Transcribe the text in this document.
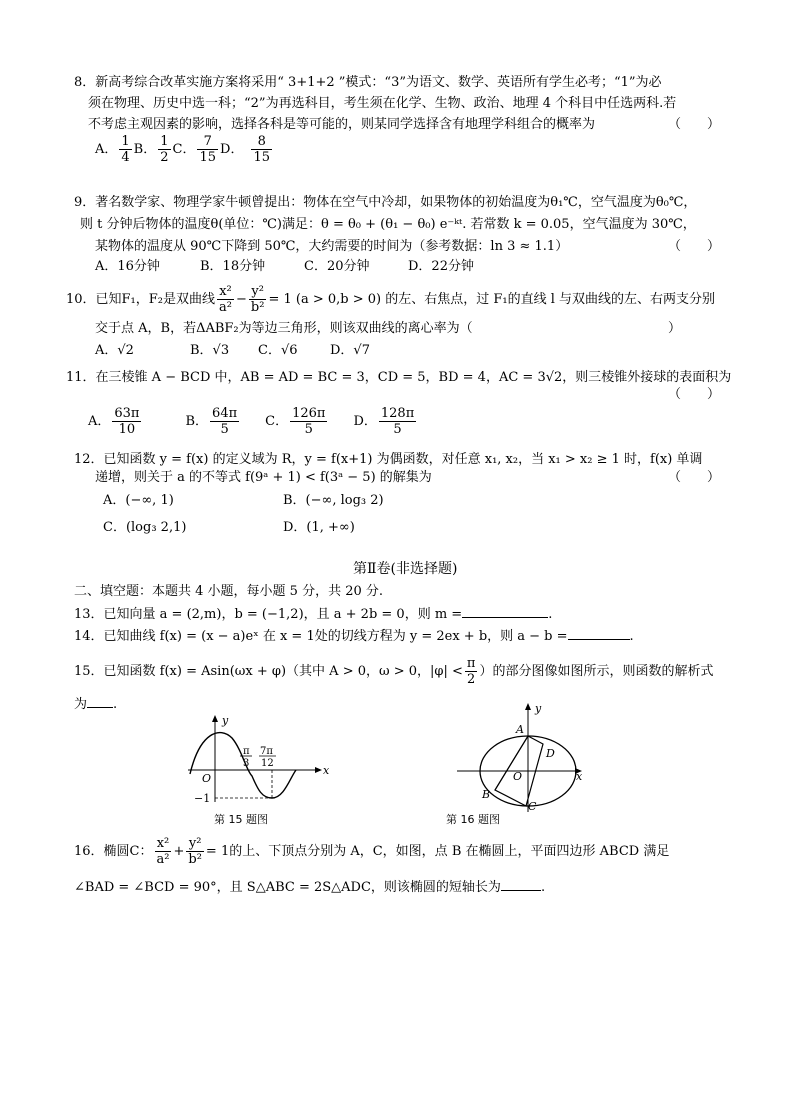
8．新高考综合改革实施方案将采用“ 3+1+2 ”模式：“3”为语文、数学、英语所有学生必考；“1”为必
须在物理、历史中选一科；“2”为再选科目，考生须在化学、生物、政治、地理 4 个科目中任选两科.若
不考虑主观因素的影响，选择各科是等可能的，则某同学选择含有地理学科组合的概率为	（　　）
A． $\frac{1}{4}$ B． $\frac{1}{2}$ C． $\frac{7}{15}$ D． $\frac{8}{15}$
9．著名数学家、物理学家牛顿曾提出：物体在空气中冷却，如果物体的初始温度为θ₁℃，空气温度为θ₀℃，
则 t 分钟后物体的温度θ(单位：℃)满足：θ = θ₀ + (θ₁ − θ₀) e⁻ᵏᵗ. 若常数 k = 0.05，空气温度为 30℃，
某物体的温度从 90℃下降到 50℃，大约需要的时间为（参考数据：ln 3 ≈ 1.1）	（　　）
A．16分钟	B．18分钟	C．20分钟	D．22分钟
10．已知F₁，F₂是双曲线 $\frac{\text{x²}}{\text{a²}} - \frac{\text{y²}}{\text{b²}} = 1$ (a > 0,b > 0) 的左、右焦点，过 F₁的直线 l 与双曲线的左、右两支分别
交于点 A，B，若ΔABF₂为等边三角形，则该双曲线的离心率为（	）
A．√2	B．√3 C．√6 D．√7
11．在三棱锥 A − BCD 中，AB = AD = BC = 3，CD = 5，BD = 4，AC = 3√2，则三棱锥外接球的表面积为
（　　）
A． $\frac{63\pi}{10}$	B． $\frac{64\pi}{5}$ C． $\frac{126\pi}{5}$ D． $\frac{128\pi}{5}$
12．已知函数 y = f(x) 的定义域为 R，y = f(x+1) 为偶函数，对任意 x₁, x₂，当 x₁ > x₂ ≥ 1 时，f(x) 单调
递增，则关于 a 的不等式 f(9ᵃ + 1) < f(3ᵃ − 5) 的解集为	（　　）
A．(−∞, 1)	B．(−∞, log₃ 2)
C．(log₃ 2,1)	D．(1, +∞)
第Ⅱ卷(非选择题)
二、填空题：本题共 4 小题，每小题 5 分，共 20 分.
13．已知向量 a = (2,m)，b = (−1,2)，且 a + 2b = 0，则 m =	.
14．已知曲线 f(x) = (x − a)eˣ 在 x = 1处的切线方程为 y = 2ex + b，则 a − b =	.
15．已知函数 f(x) = Asin(ωx + φ)（其中 A > 0，ω > 0，$|\varphi| < \frac{\pi}{2}$ ）的部分图像如图所示，则函数的解析式
为 .
y
x
O
−1
π
3
7π
12
第 15 题图
y
x
O
A
B
C
D
第 16 题图
16．椭圆C： $\frac{\text{x²}}{\text{a²}} + \frac{\text{y²}}{\text{b²}} = 1$的上、下顶点分别为 A，C，如图，点 B 在椭圆上，平面四边形 ABCD 满足
∠BAD = ∠BCD = 90°，且 S△ABC = 2S△ADC，则该椭圆的短轴长为	.
